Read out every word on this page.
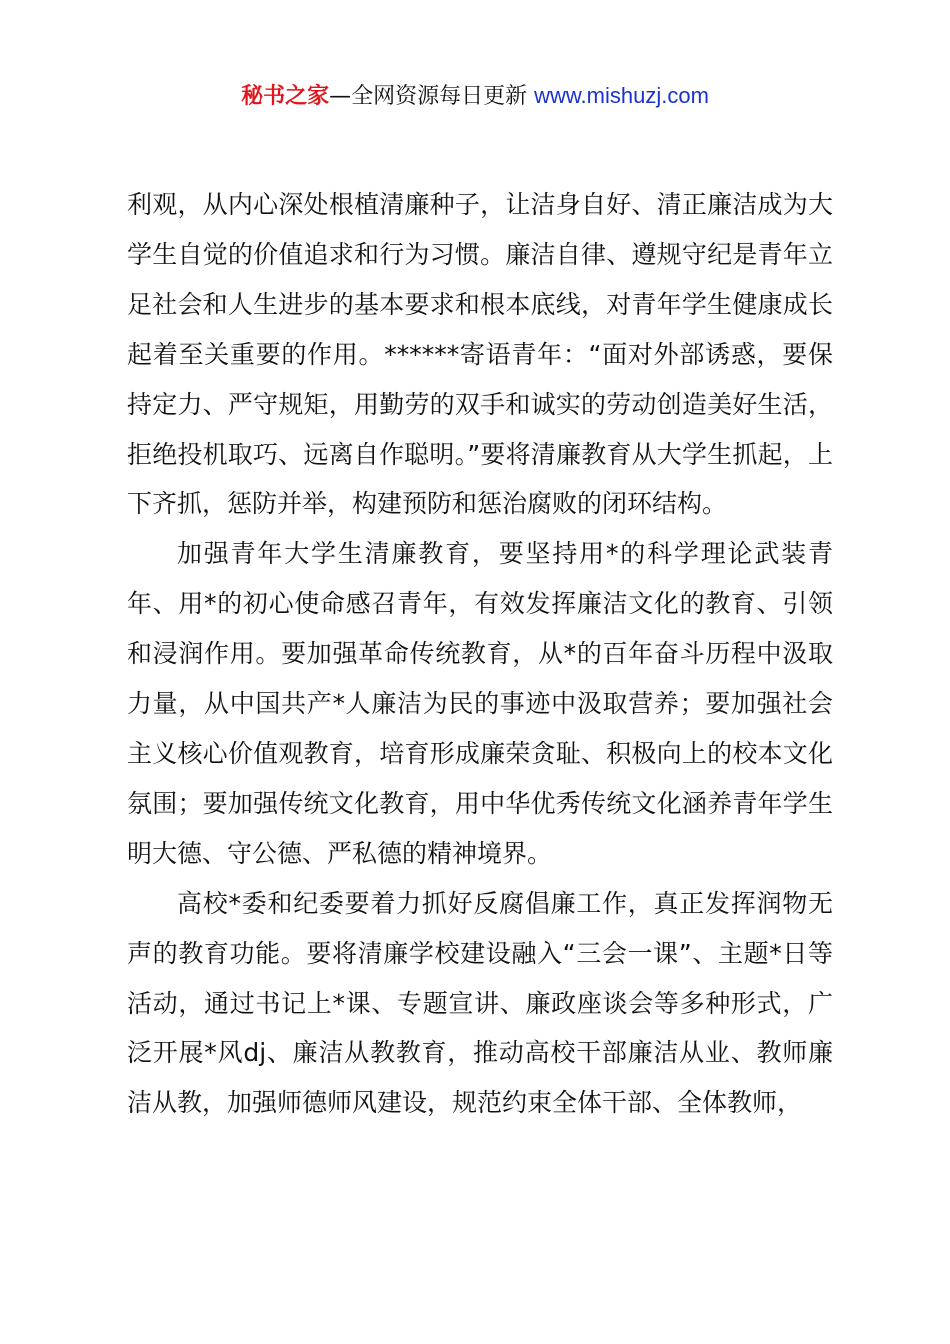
秘书之家—全网资源每日更新 www.mishuzj.com

利观，从内心深处根植清廉种子，让洁身自好、清正廉洁成为大学生自觉的价值追求和行为习惯。廉洁自律、遵规守纪是青年立足社会和人生进步的基本要求和根本底线，对青年学生健康成长起着至关重要的作用。******寄语青年：“面对外部诱惑，要保持定力、严守规矩，用勤劳的双手和诚实的劳动创造美好生活，拒绝投机取巧、远离自作聪明。”要将清廉教育从大学生抓起，上下齐抓，惩防并举，构建预防和惩治腐败的闭环结构。

加强青年大学生清廉教育，要坚持用*的科学理论武装青年、用*的初心使命感召青年，有效发挥廉洁文化的教育、引领和浸润作用。要加强革命传统教育，从*的百年奋斗历程中汲取力量，从中国共产*人廉洁为民的事迹中汲取营养；要加强社会主义核心价值观教育，培育形成廉荣贪耻、积极向上的校本文化氛围；要加强传统文化教育，用中华优秀传统文化涵养青年学生明大德、守公德、严私德的精神境界。

高校*委和纪委要着力抓好反腐倡廉工作，真正发挥润物无声的教育功能。要将清廉学校建设融入“三会一课”、主题*日等活动，通过书记上*课、专题宣讲、廉政座谈会等多种形式，广泛开展*风dj、廉洁从教教育，推动高校干部廉洁从业、教师廉洁从教，加强师德师风建设，规范约束全体干部、全体教师，
